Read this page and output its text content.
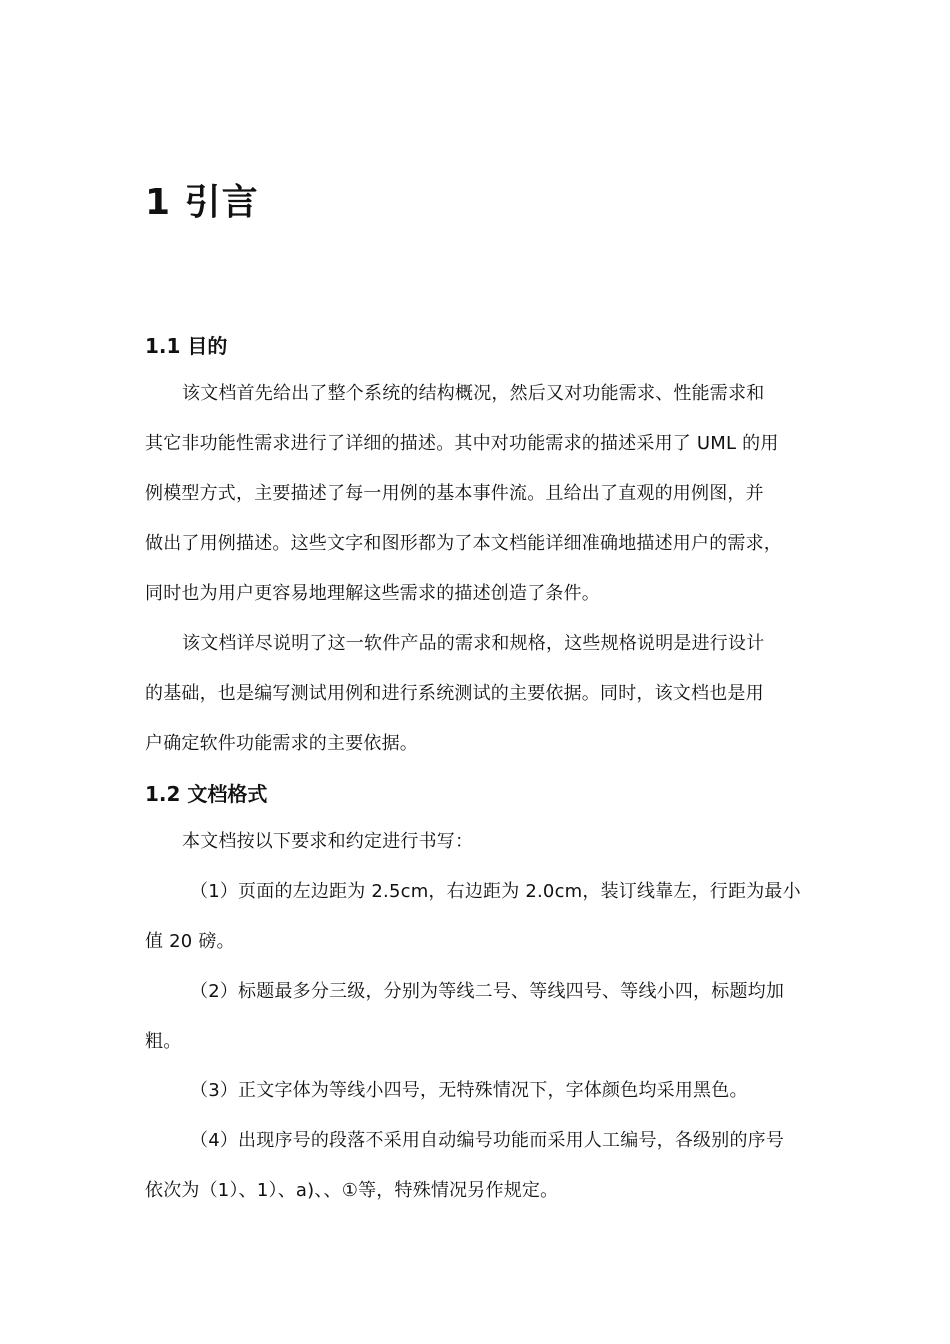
1 引言
1.1 目的
该文档首先给出了整个系统的结构概况，然后又对功能需求、性能需求和
其它非功能性需求进行了详细的描述。其中对功能需求的描述采用了 UML 的用
例模型方式，主要描述了每一用例的基本事件流。且给出了直观的用例图，并
做出了用例描述。这些文字和图形都为了本文档能详细准确地描述用户的需求，
同时也为用户更容易地理解这些需求的描述创造了条件。
该文档详尽说明了这一软件产品的需求和规格，这些规格说明是进行设计
的基础，也是编写测试用例和进行系统测试的主要依据。同时，该文档也是用
户确定软件功能需求的主要依据。
1.2 文档格式
本文档按以下要求和约定进行书写：
（1）页面的左边距为 2.5cm，右边距为 2.0cm，装订线靠左，行距为最小
值 20 磅。
（2）标题最多分三级，分别为等线二号、等线四号、等线小四，标题均加
粗。
（3）正文字体为等线小四号，无特殊情况下，字体颜色均采用黑色。
（4）出现序号的段落不采用自动编号功能而采用人工编号，各级别的序号
依次为（1）、1）、a)、、①等，特殊情况另作规定。
